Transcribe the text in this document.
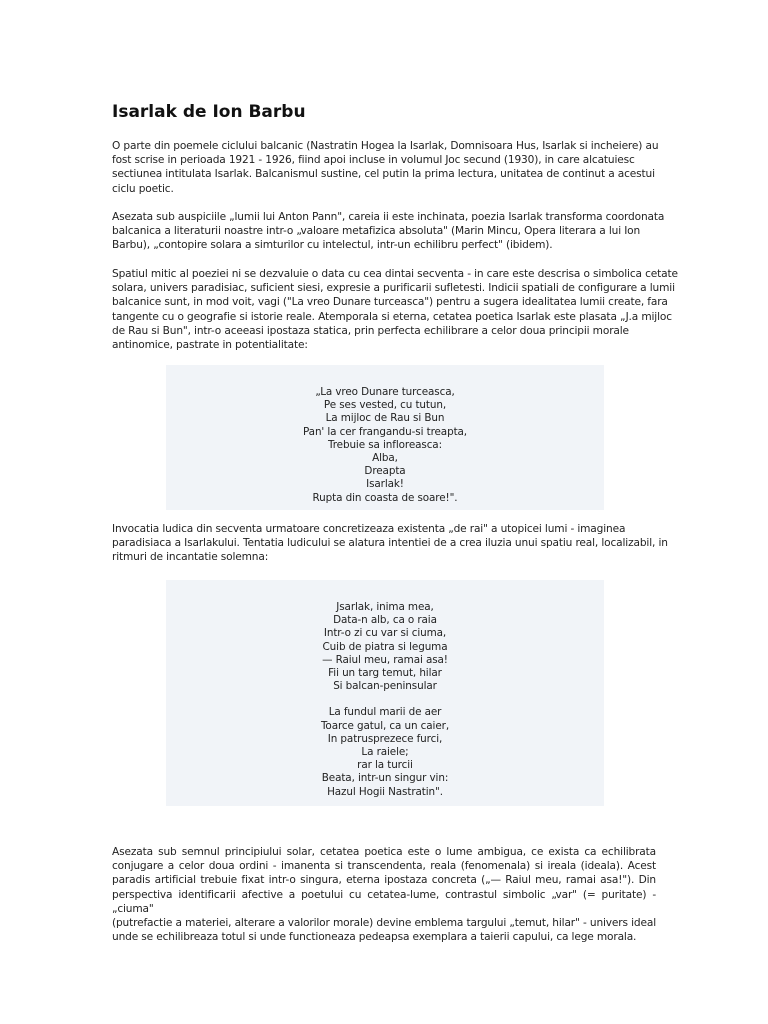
Isarlak de Ion Barbu
O parte din poemele ciclului balcanic (Nastratin Hogea la Isarlak, Domnisoara Hus, Isarlak si incheiere) au
fost scrise in perioada 1921 - 1926, fiind apoi incluse in volumul Joc secund (1930), in care alcatuiesc
sectiunea intitulata Isarlak. Balcanismul sustine, cel putin la prima lectura, unitatea de continut a acestui
ciclu poetic.
Asezata sub auspiciile „lumii lui Anton Pann", careia ii este inchinata, poezia Isarlak transforma coordonata
balcanica a literaturii noastre intr-o „valoare metafizica absoluta" (Marin Mincu, Opera literara a lui Ion
Barbu), „contopire solara a simturilor cu intelectul, intr-un echilibru perfect" (ibidem).
Spatiul mitic al poeziei ni se dezvaluie o data cu cea dintai secventa - in care este descrisa o simbolica cetate
solara, univers paradisiac, suficient siesi, expresie a purificarii sufletesti. Indicii spatiali de configurare a lumii
balcanice sunt, in mod voit, vagi ("La vreo Dunare turceasca") pentru a sugera idealitatea lumii create, fara
tangente cu o geografie si istorie reale. Atemporala si eterna, cetatea poetica Isarlak este plasata „J.a mijloc
de Rau si Bun", intr-o aceeasi ipostaza statica, prin perfecta echilibrare a celor doua principii morale
antinomice, pastrate in potentialitate:
„La vreo Dunare turceasca,
Pe ses vested, cu tutun,
La mijloc de Rau si Bun
Pan' la cer frangandu-si treapta,
Trebuie sa infloreasca:
Alba,
Dreapta
Isarlak!
Rupta din coasta de soare!".
Invocatia ludica din secventa urmatoare concretizeaza existenta „de rai" a utopicei lumi - imaginea
paradisiaca a Isarlakului. Tentatia ludicului se alatura intentiei de a crea iluzia unui spatiu real, localizabil, in
ritmuri de incantatie solemna:
Jsarlak, inima mea,
Data-n alb, ca o raia
Intr-o zi cu var si ciuma,
Cuib de piatra si leguma
— Raiul meu, ramai asa!
Fii un targ temut, hilar
Si balcan-peninsular
La fundul marii de aer
Toarce gatul, ca un caier,
In patrusprezece furci,
La raiele;
rar la turcii
Beata, intr-un singur vin:
Hazul Hogii Nastratin".
Asezata sub semnul principiului solar, cetatea poetica este o lume ambigua, ce exista ca echilibrata
conjugare a celor doua ordini - imanenta si transcendenta, reala (fenomenala) si ireala (ideala). Acest
paradis artificial trebuie fixat intr-o singura, eterna ipostaza concreta („— Raiul meu, ramai asa!"). Din
perspectiva identificarii afective a poetului cu cetatea-lume, contrastul simbolic „var" (= puritate) - „ciuma"
(putrefactie a materiei, alterare a valorilor morale) devine emblema targului „temut, hilar" - univers ideal
unde se echilibreaza totul si unde functioneaza pedeapsa exemplara a taierii capului, ca lege morala.
